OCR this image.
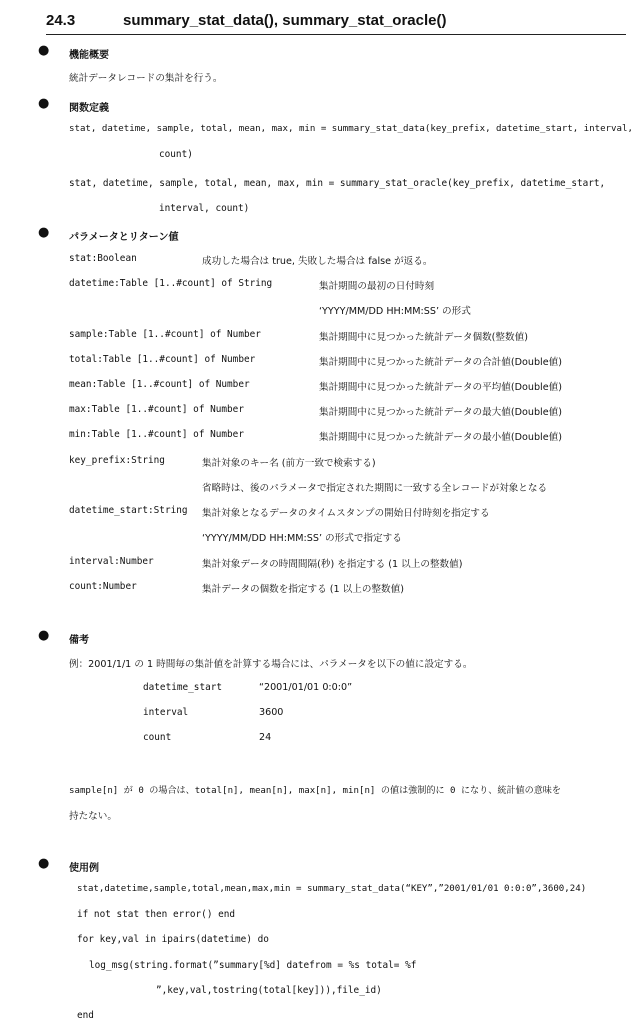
24.3	summary_stat_data(), summary_stat_oracle()
● 機能概要
統計データレコードの集計を行う。
● 関数定義
stat, datetime, sample, total, mean, max, min = summary_stat_data(key_prefix, datetime_start, interval,
count)
stat, datetime, sample, total, mean, max, min = summary_stat_oracle(key_prefix, datetime_start,
interval, count)
● パラメータとリターン値
stat:Boolean	成功した場合は true, 失敗した場合は false が返る。
datetime:Table [1..#count] of String	集計期間の最初の日付時刻
‘YYYY/MM/DD HH:MM:SS’ の形式
sample:Table [1..#count] of Number	集計期間中に見つかった統計データ個数(整数値)
total:Table [1..#count] of Number	集計期間中に見つかった統計データの合計値(Double値)
mean:Table [1..#count] of Number	集計期間中に見つかった統計データの平均値(Double値)
max:Table [1..#count] of Number	集計期間中に見つかった統計データの最大値(Double値)
min:Table [1..#count] of Number	集計期間中に見つかった統計データの最小値(Double値)
key_prefix:String	集計対象のキー名 (前方一致で検索する)
省略時は、後のパラメータで指定された期間に一致する全レコードが対象となる
datetime_start:String 集計対象となるデータのタイムスタンプの開始日付時刻を指定する
‘YYYY/MM/DD HH:MM:SS’ の形式で指定する
interval:Number	集計対象データの時間間隔(秒) を指定する (1 以上の整数値)
count:Number	集計データの個数を指定する (1 以上の整数値)
● 備考
例：2001/1/1 の 1 時間毎の集計値を計算する場合には、パラメータを以下の値に設定する。
datetime_start	“2001/01/01 0:0:0”
interval	3600
count	24
sample[n] が 0 の場合は、total[n], mean[n], max[n], min[n] の値は強制的に 0 になり、統計値の意味を
持たない。
● 使用例
stat,datetime,sample,total,mean,max,min = summary_stat_data(“KEY”,”2001/01/01 0:0:0”,3600,24)
if not stat then error() end
for key,val in ipairs(datetime) do
log_msg(string.format(”summary[%d] datefrom = %s total= %f
”,key,val,tostring(total[key])),file_id)
end
